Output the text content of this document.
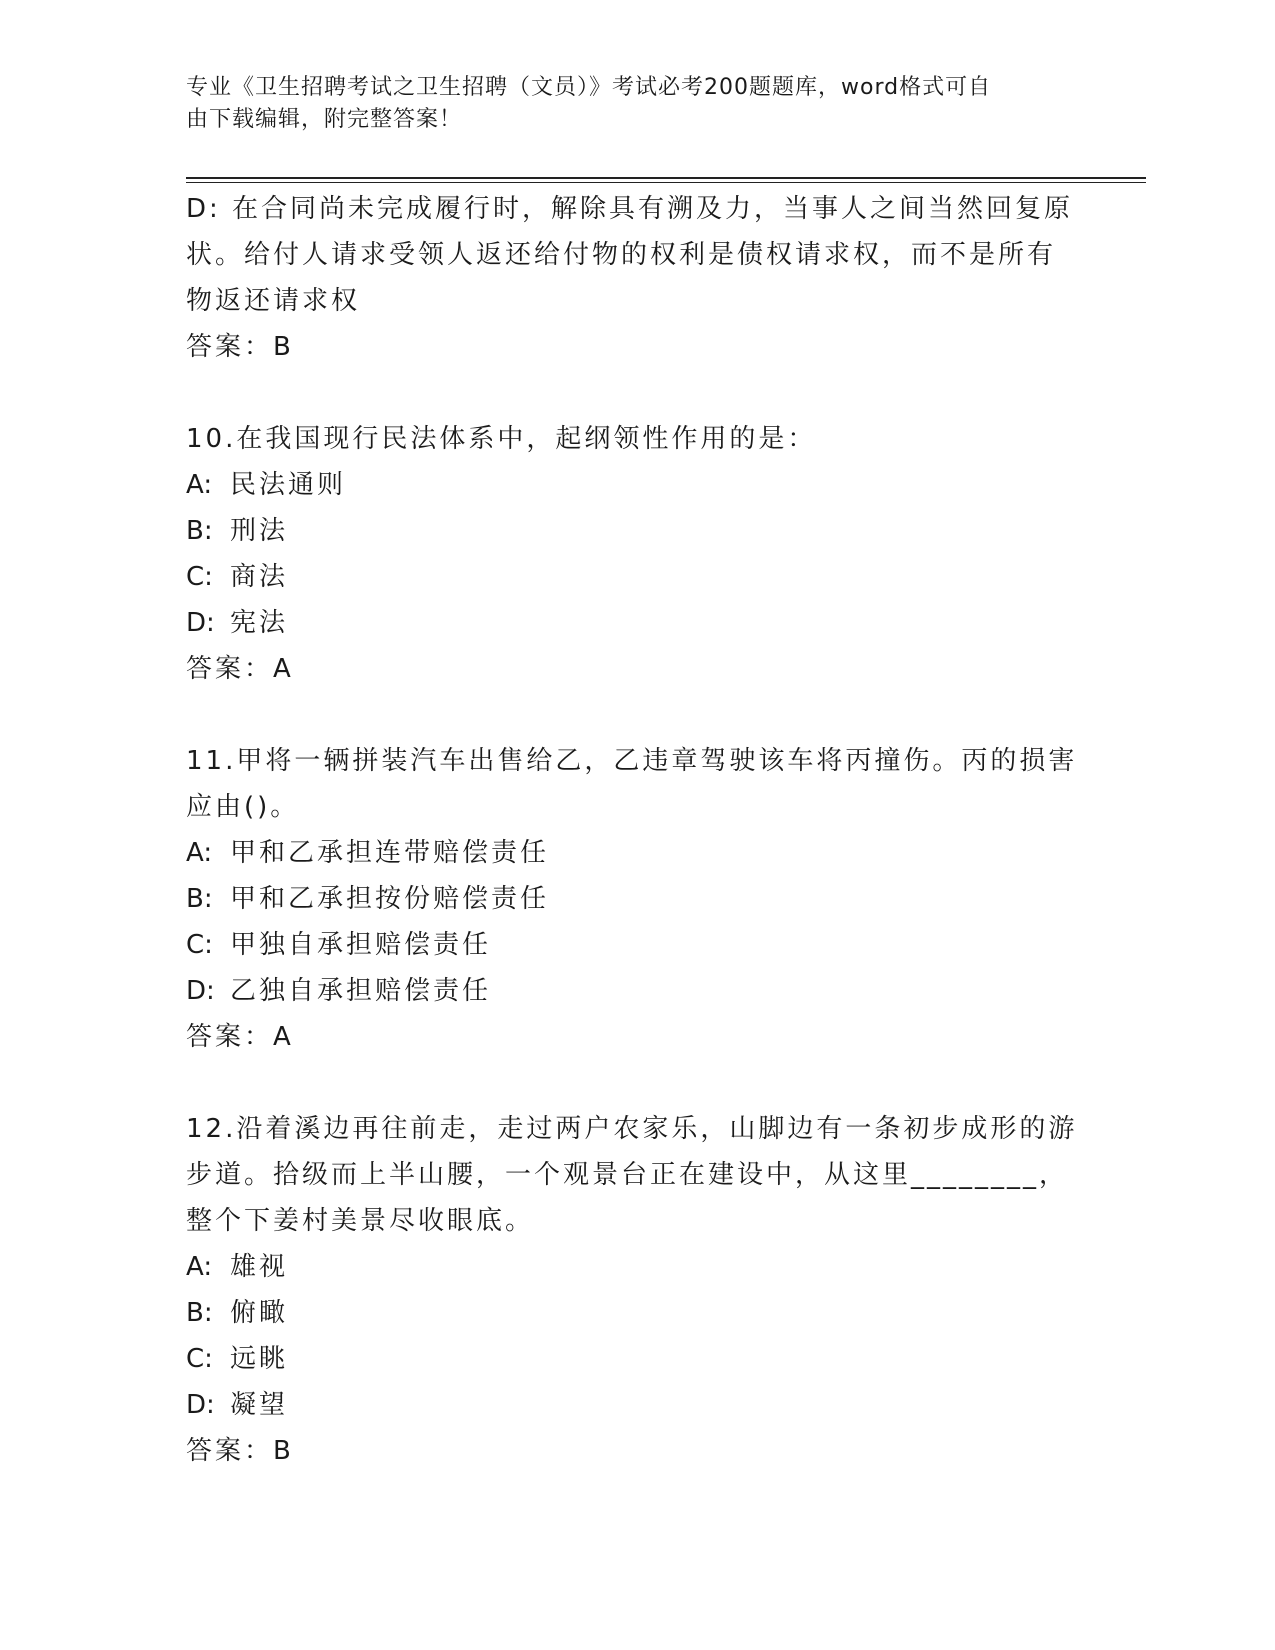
专业《卫生招聘考试之卫生招聘（文员）》考试必考200题题库，word格式可自
由下载编辑，附完整答案！
D: 在合同尚未完成履行时，解除具有溯及力，当事人之间当然回复原
状。给付人请求受领人返还给付物的权利是债权请求权，而不是所有
物返还请求权
答案：B
10.在我国现行民法体系中，起纲领性作用的是：
A: 民法通则
B: 刑法
C: 商法
D: 宪法
答案：A
11.甲将一辆拼装汽车出售给乙，乙违章驾驶该车将丙撞伤。丙的损害
应由()。
A: 甲和乙承担连带赔偿责任
B: 甲和乙承担按份赔偿责任
C: 甲独自承担赔偿责任
D: 乙独自承担赔偿责任
答案：A
12.沿着溪边再往前走，走过两户农家乐，山脚边有一条初步成形的游
步道。拾级而上半山腰，一个观景台正在建设中，从这里________，
整个下姜村美景尽收眼底。
A: 雄视
B: 俯瞰
C: 远眺
D: 凝望
答案：B
